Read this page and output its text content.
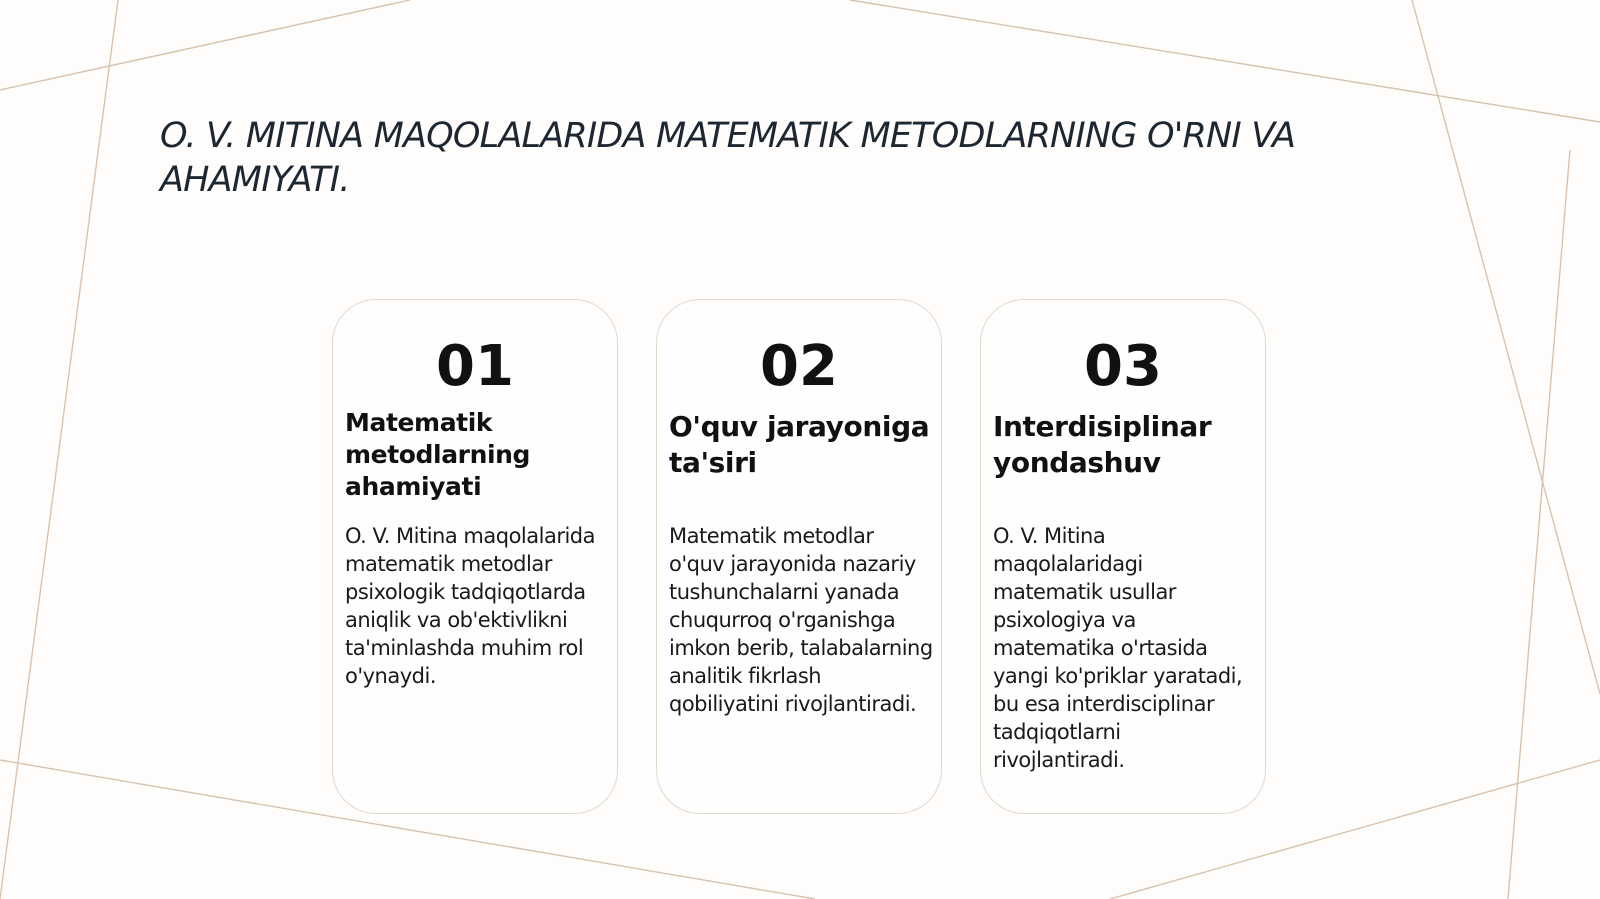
O. V. MITINA MAQOLALARIDA MATEMATIK METODLARNING O'RNI VA AHAMIYATI.
01
Matematik metodlarning ahamiyati

O. V. Mitina maqolalarida matematik metodlar psixologik tadqiqotlarda aniqlik va ob'ektivlikni ta'minlashda muhim rol o'ynaydi.

02
O'quv jarayoniga ta'siri

Matematik metodlar o'quv jarayonida nazariy tushunchalarni yanada chuqurroq o'rganishga imkon berib, talabalarning analitik fikrlash qobiliyatini rivojlantiradi.

03
Interdisiplinar yondashuv

O. V. Mitina maqolalaridagi matematik usullar psixologiya va matematika o'rtasida yangi ko'priklar yaratadi, bu esa interdisciplinar tadqiqotlarni rivojlantiradi.
